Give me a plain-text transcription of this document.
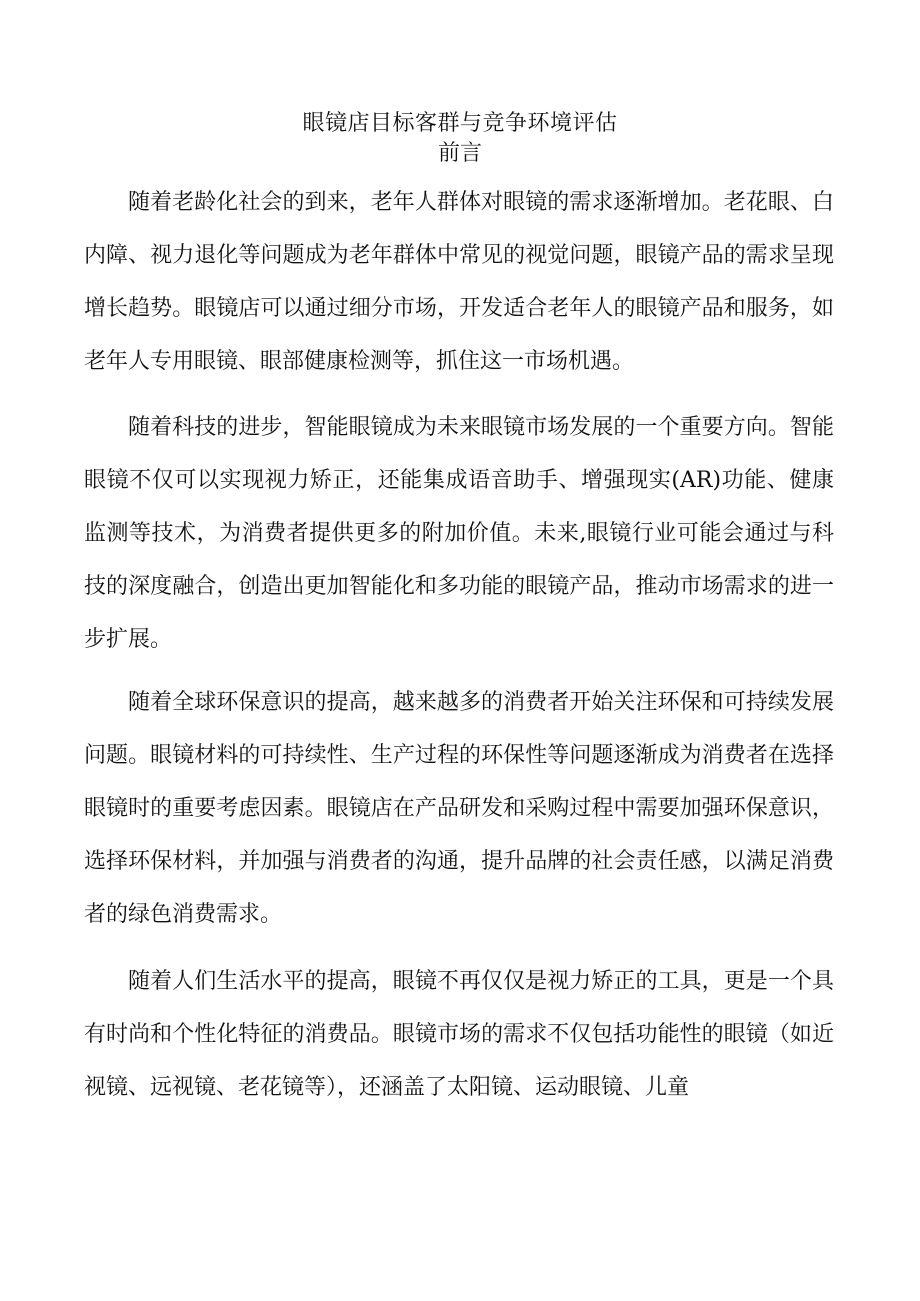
眼镜店目标客群与竞争环境评估
前言

随着老龄化社会的到来，老年人群体对眼镜的需求逐渐增加。老花眼、白内障、视力退化等问题成为老年群体中常见的视觉问题，眼镜产品的需求呈现增长趋势。眼镜店可以通过细分市场，开发适合老年人的眼镜产品和服务，如老年人专用眼镜、眼部健康检测等，抓住这一市场机遇。

随着科技的进步，智能眼镜成为未来眼镜市场发展的一个重要方向。智能眼镜不仅可以实现视力矫正，还能集成语音助手、增强现实(AR)功能、健康监测等技术，为消费者提供更多的附加价值。未来,眼镜行业可能会通过与科技的深度融合，创造出更加智能化和多功能的眼镜产品，推动市场需求的进一步扩展。

随着全球环保意识的提高，越来越多的消费者开始关注环保和可持续发展问题。眼镜材料的可持续性、生产过程的环保性等问题逐渐成为消费者在选择眼镜时的重要考虑因素。眼镜店在产品研发和采购过程中需要加强环保意识，选择环保材料，并加强与消费者的沟通，提升品牌的社会责任感，以满足消费者的绿色消费需求。

随着人们生活水平的提高，眼镜不再仅仅是视力矫正的工具，更是一个具有时尚和个性化特征的消费品。眼镜市场的需求不仅包括功能性的眼镜（如近视镜、远视镜、老花镜等），还涵盖了太阳镜、运动眼镜、儿童
